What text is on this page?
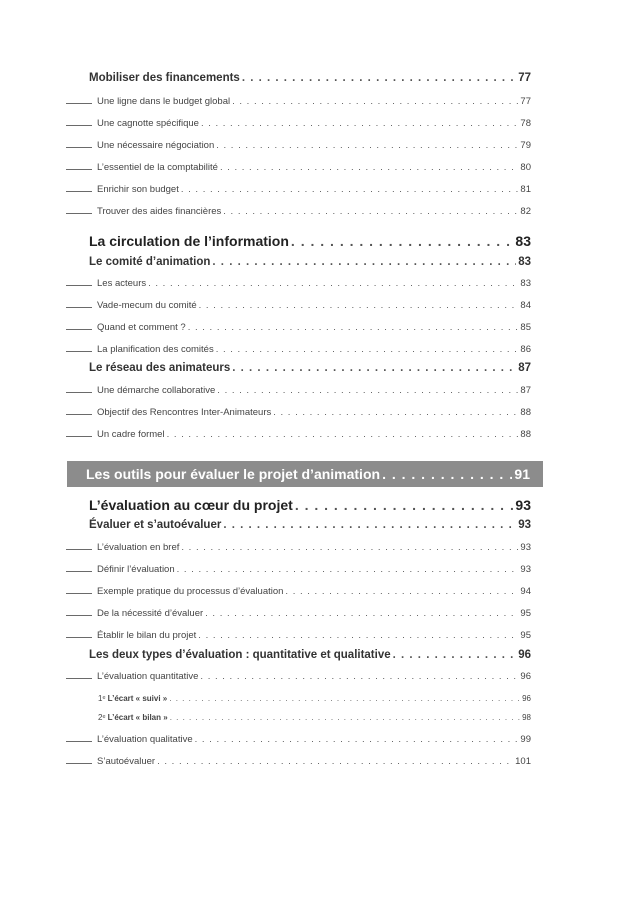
Mobiliser des financements . . .	77
Une ligne dans le budget global . . .	77
Une cagnotte spécifique . . .	78
Une nécessaire négociation . . .	79
L’essentiel de la comptabilité . . .	80
Enrichir son budget . . .	81
Trouver des aides financières . . .	82
La circulation de l’information . . .	83
Le comité d’animation . . .	83
Les acteurs . . .	83
Vade-mecum du comité . . .	84
Quand et comment ? . . .	85
La planification des comités . . .	86
Le réseau des animateurs . . .	87
Une démarche collaborative . . .	87
Objectif des Rencontres Inter-Animateurs . . .	88
Un cadre formel . . .	88
Les outils pour évaluer le projet d’animation . . .	91
L’évaluation au cœur du projet . . .	93
Évaluer et s’autoévaluer . . .	93
L’évaluation en bref . . .	93
Définir l’évaluation . . .	93
Exemple pratique du processus d’évaluation . . .	94
De la nécessité d’évaluer . . .	95
Établir le bilan du projet . . .	95
Les deux types d’évaluation : quantitative et qualitative . . .	96
L’évaluation quantitative . . .	96
1ᵉ L’écart « suivi » . . .	96
2ᵉ L’écart « bilan » . . .	98
L’évaluation qualitative . . .	99
S’autoévaluer . . .	101
